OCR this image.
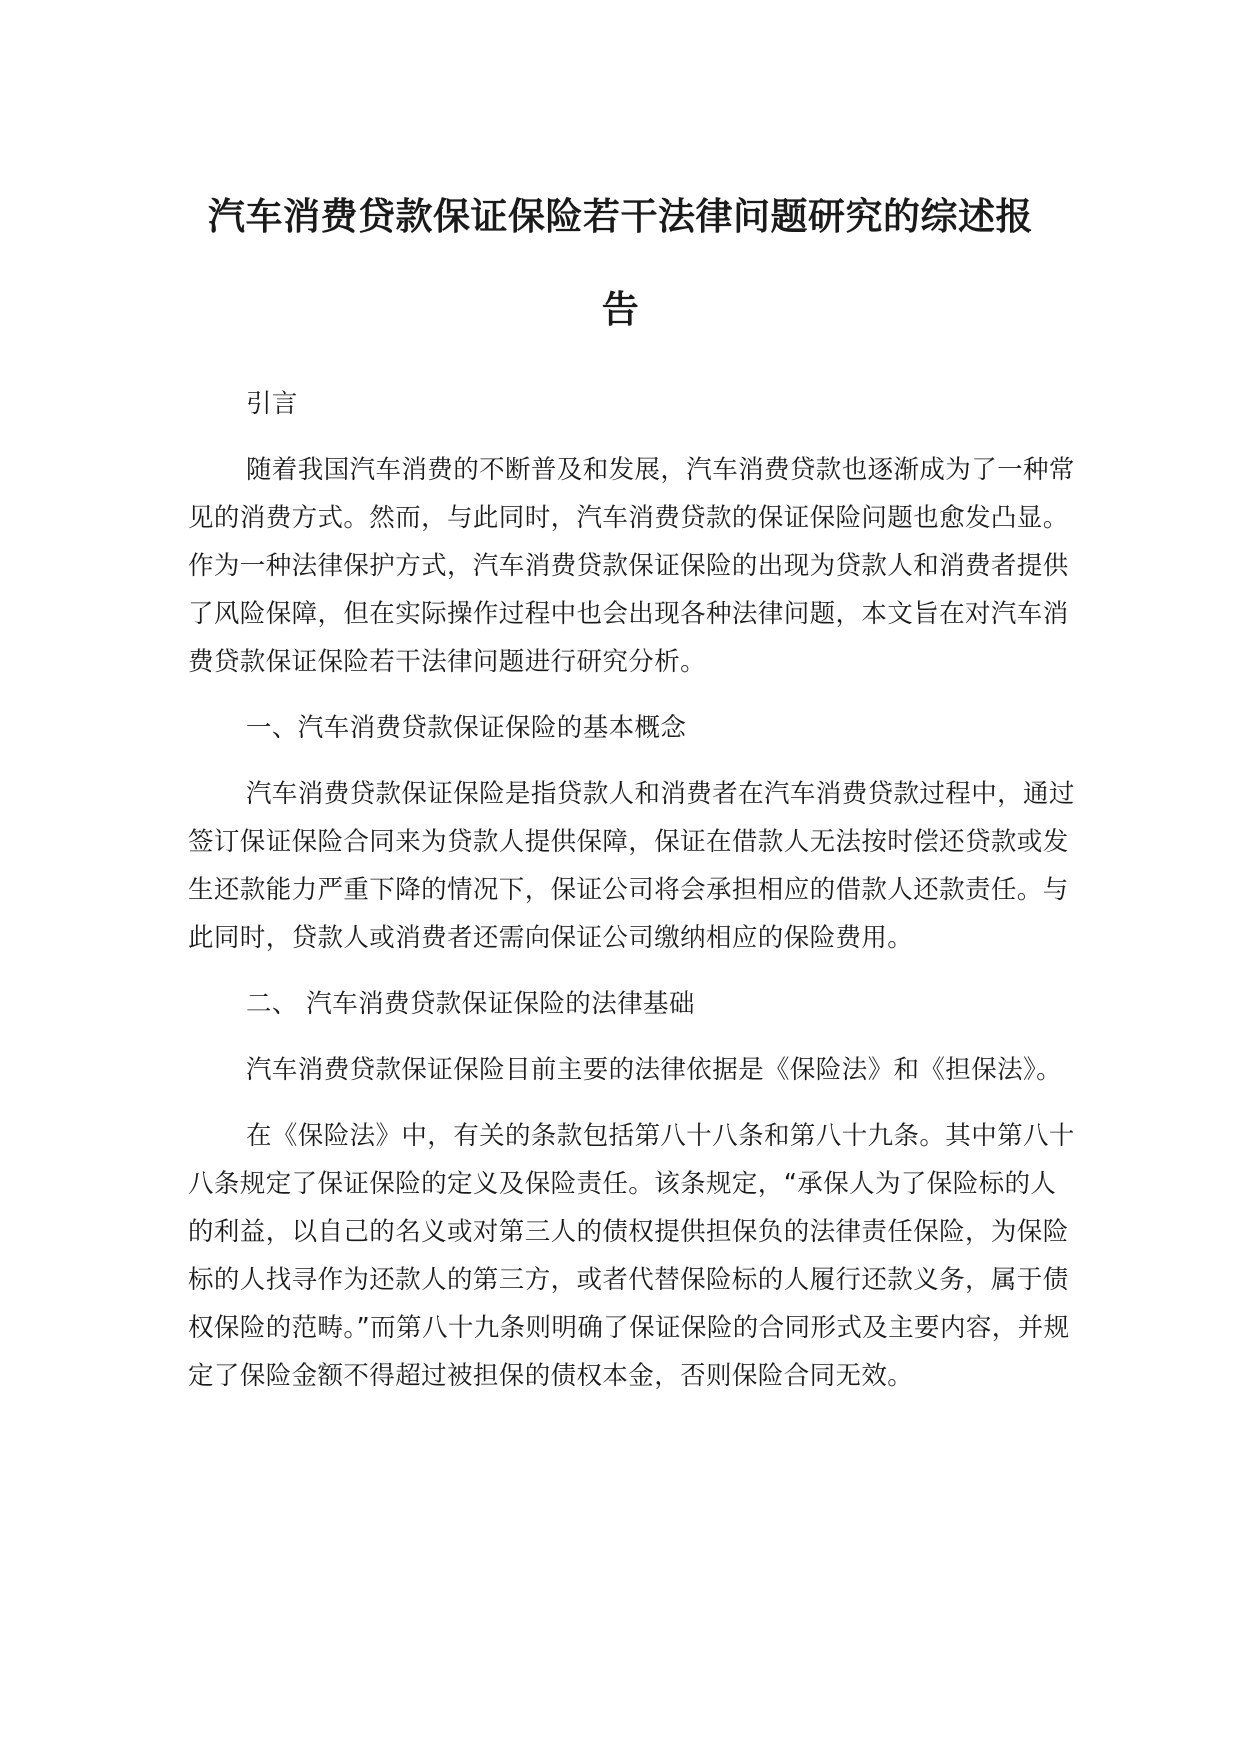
汽车消费贷款保证保险若干法律问题研究的综述报
告

引言

随着我国汽车消费的不断普及和发展，汽车消费贷款也逐渐成为了一种常见的消费方式。然而，与此同时，汽车消费贷款的保证保险问题也愈发凸显。作为一种法律保护方式，汽车消费贷款保证保险的出现为贷款人和消费者提供了风险保障，但在实际操作过程中也会出现各种法律问题，本文旨在对汽车消费贷款保证保险若干法律问题进行研究分析。

一、汽车消费贷款保证保险的基本概念

汽车消费贷款保证保险是指贷款人和消费者在汽车消费贷款过程中，通过签订保证保险合同来为贷款人提供保障，保证在借款人无法按时偿还贷款或发生还款能力严重下降的情况下，保证公司将会承担相应的借款人还款责任。与此同时，贷款人或消费者还需向保证公司缴纳相应的保险费用。

二、 汽车消费贷款保证保险的法律基础

汽车消费贷款保证保险目前主要的法律依据是《保险法》和《担保法》。

在《保险法》中，有关的条款包括第八十八条和第八十九条。其中第八十八条规定了保证保险的定义及保险责任。该条规定，“承保人为了保险标的人的利益，以自己的名义或对第三人的债权提供担保负的法律责任保险，为保险标的人找寻作为还款人的第三方，或者代替保险标的人履行还款义务，属于债权保险的范畴。”而第八十九条则明确了保证保险的合同形式及主要内容，并规定了保险金额不得超过被担保的债权本金，否则保险合同无效。
